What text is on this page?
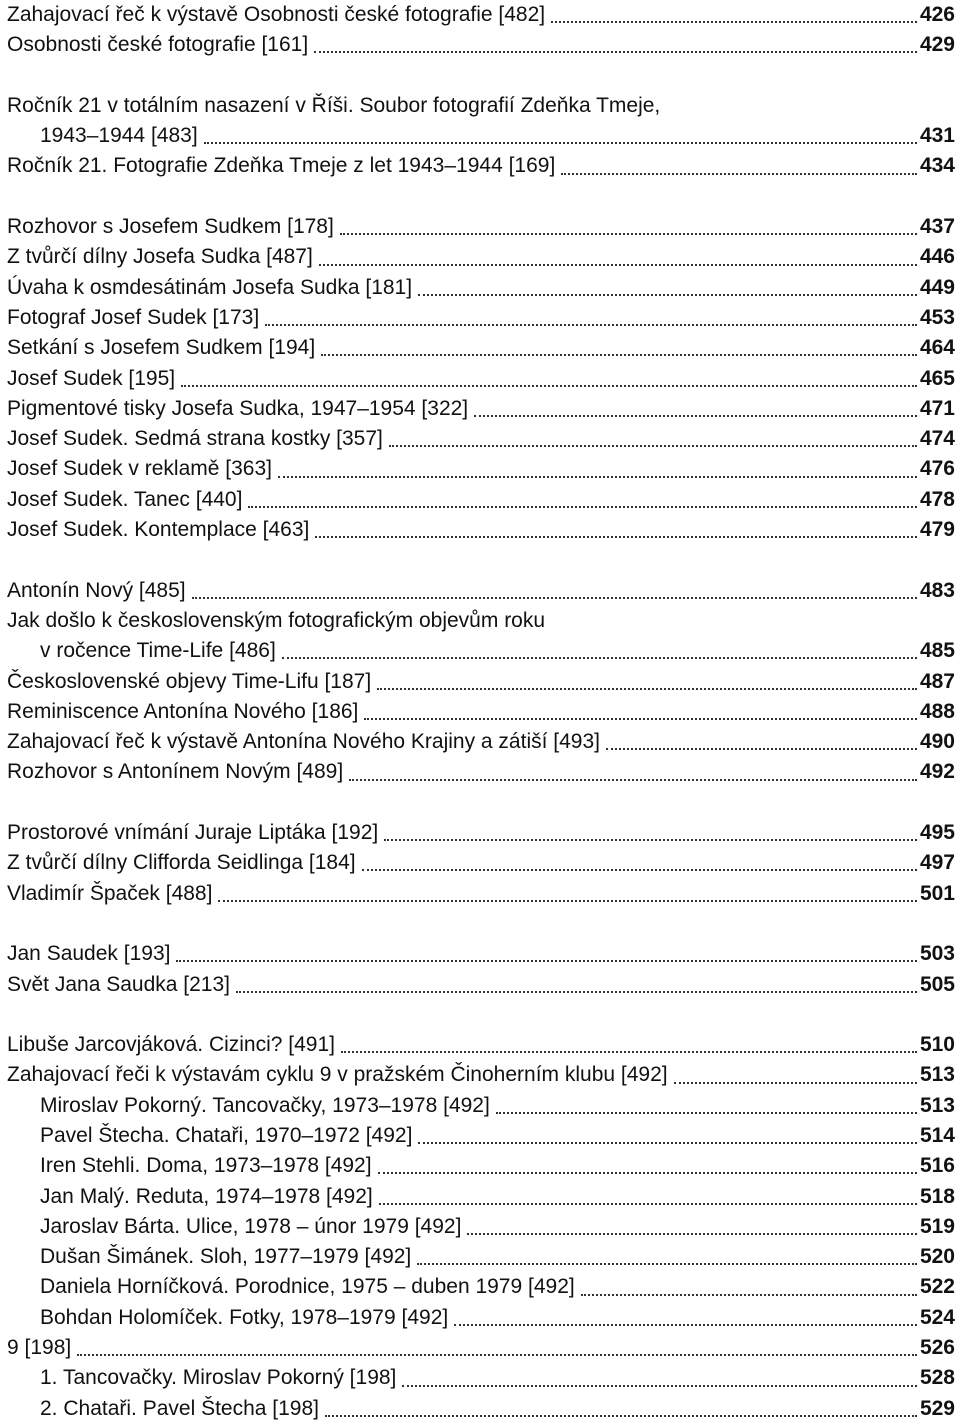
Zahajovací řeč k výstavě Osobnosti české fotografie [482]	426
Osobnosti české fotografie [161]	429
Ročník 21 v totálním nasazení v Říši. Soubor fotografií Zdeňka Tmeje,
1943–1944 [483]	431
Ročník 21. Fotografie Zdeňka Tmeje z let 1943–1944 [169]	434
Rozhovor s Josefem Sudkem [178]	437
Z tvůrčí dílny Josefa Sudka [487]	446
Úvaha k osmdesátinám Josefa Sudka [181]	449
Fotograf Josef Sudek [173]	453
Setkání s Josefem Sudkem [194]	464
Josef Sudek [195]	465
Pigmentové tisky Josefa Sudka, 1947–1954 [322]	471
Josef Sudek. Sedmá strana kostky [357]	474
Josef Sudek v reklamě [363]	476
Josef Sudek. Tanec [440]	478
Josef Sudek. Kontemplace [463]	479
Antonín Nový [485]	483
Jak došlo k československým fotografickým objevům roku
v ročence Time-Life [486]	485
Československé objevy Time-Lifu [187]	487
Reminiscence Antonína Nového [186]	488
Zahajovací řeč k výstavě Antonína Nového Krajiny a zátiší [493]	490
Rozhovor s Antonínem Novým [489]	492
Prostorové vnímání Juraje Liptáka [192]	495
Z tvůrčí dílny Clifforda Seidlinga [184]	497
Vladimír Špaček [488]	501
Jan Saudek [193]	503
Svět Jana Saudka [213]	505
Libuše Jarcovjáková. Cizinci? [491]	510
Zahajovací řeči k výstavám cyklu 9 v pražském Činoherním klubu [492]	513
Miroslav Pokorný. Tancovačky, 1973–1978 [492]	513
Pavel Štecha. Chataři, 1970–1972 [492]	514
Iren Stehli. Doma, 1973–1978 [492]	516
Jan Malý. Reduta, 1974–1978 [492]	518
Jaroslav Bárta. Ulice, 1978 – únor 1979 [492]	519
Dušan Šimánek. Sloh, 1977–1979 [492]	520
Daniela Horníčková. Porodnice, 1975 – duben 1979 [492]	522
Bohdan Holomíček. Fotky, 1978–1979 [492]	524
9 [198]	526
1. Tancovačky. Miroslav Pokorný [198]	528
2. Chataři. Pavel Štecha [198]	529
